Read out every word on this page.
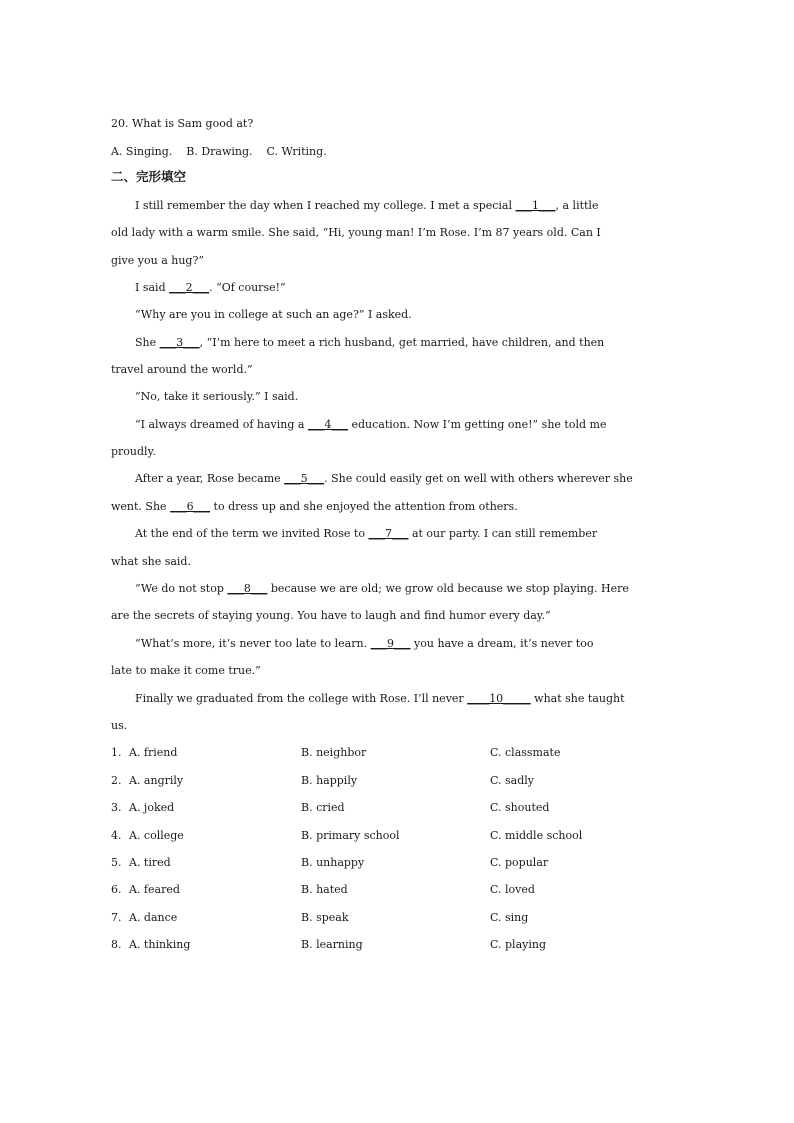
20. What is Sam good at?
A. Singing.    B. Drawing.    C. Writing.
二、完形填空
I still remember the day when I reached my college. I met a special ___1___, a little
old lady with a warm smile. She said, “Hi, young man! I’m Rose. I’m 87 years old. Can I
give you a hug?”
I said ___2___. “Of course!”
“Why are you in college at such an age?” I asked.
She ___3___, “I’m here to meet a rich husband, get married, have children, and then
travel around the world.”
“No, take it seriously.” I said.
“I always dreamed of having a ___4___ education. Now I’m getting one!” she told me
proudly.
After a year, Rose became ___5___. She could easily get on well with others wherever she
went. She ___6___ to dress up and she enjoyed the attention from others.
At the end of the term we invited Rose to ___7___ at our party. I can still remember
what she said.
“We do not stop ___8___ because we are old; we grow old because we stop playing. Here
are the secrets of staying young. You have to laugh and find humor every day.”
“What’s more, it’s never too late to learn. ___9___ you have a dream, it’s never too
late to make it come true.”
Finally we graduated from the college with Rose. I’ll never ____10_____ what she taught
us.
1. A. friend	B. neighbor	C. classmate
2. A. angrily	B. happily	C. sadly
3. A. joked	B. cried	C. shouted
4. A. college	B. primary school	C. middle school
5. A. tired	B. unhappy	C. popular
6. A. feared	B. hated	C. loved
7. A. dance	B. speak	C. sing
8. A. thinking	B. learning	C. playing
